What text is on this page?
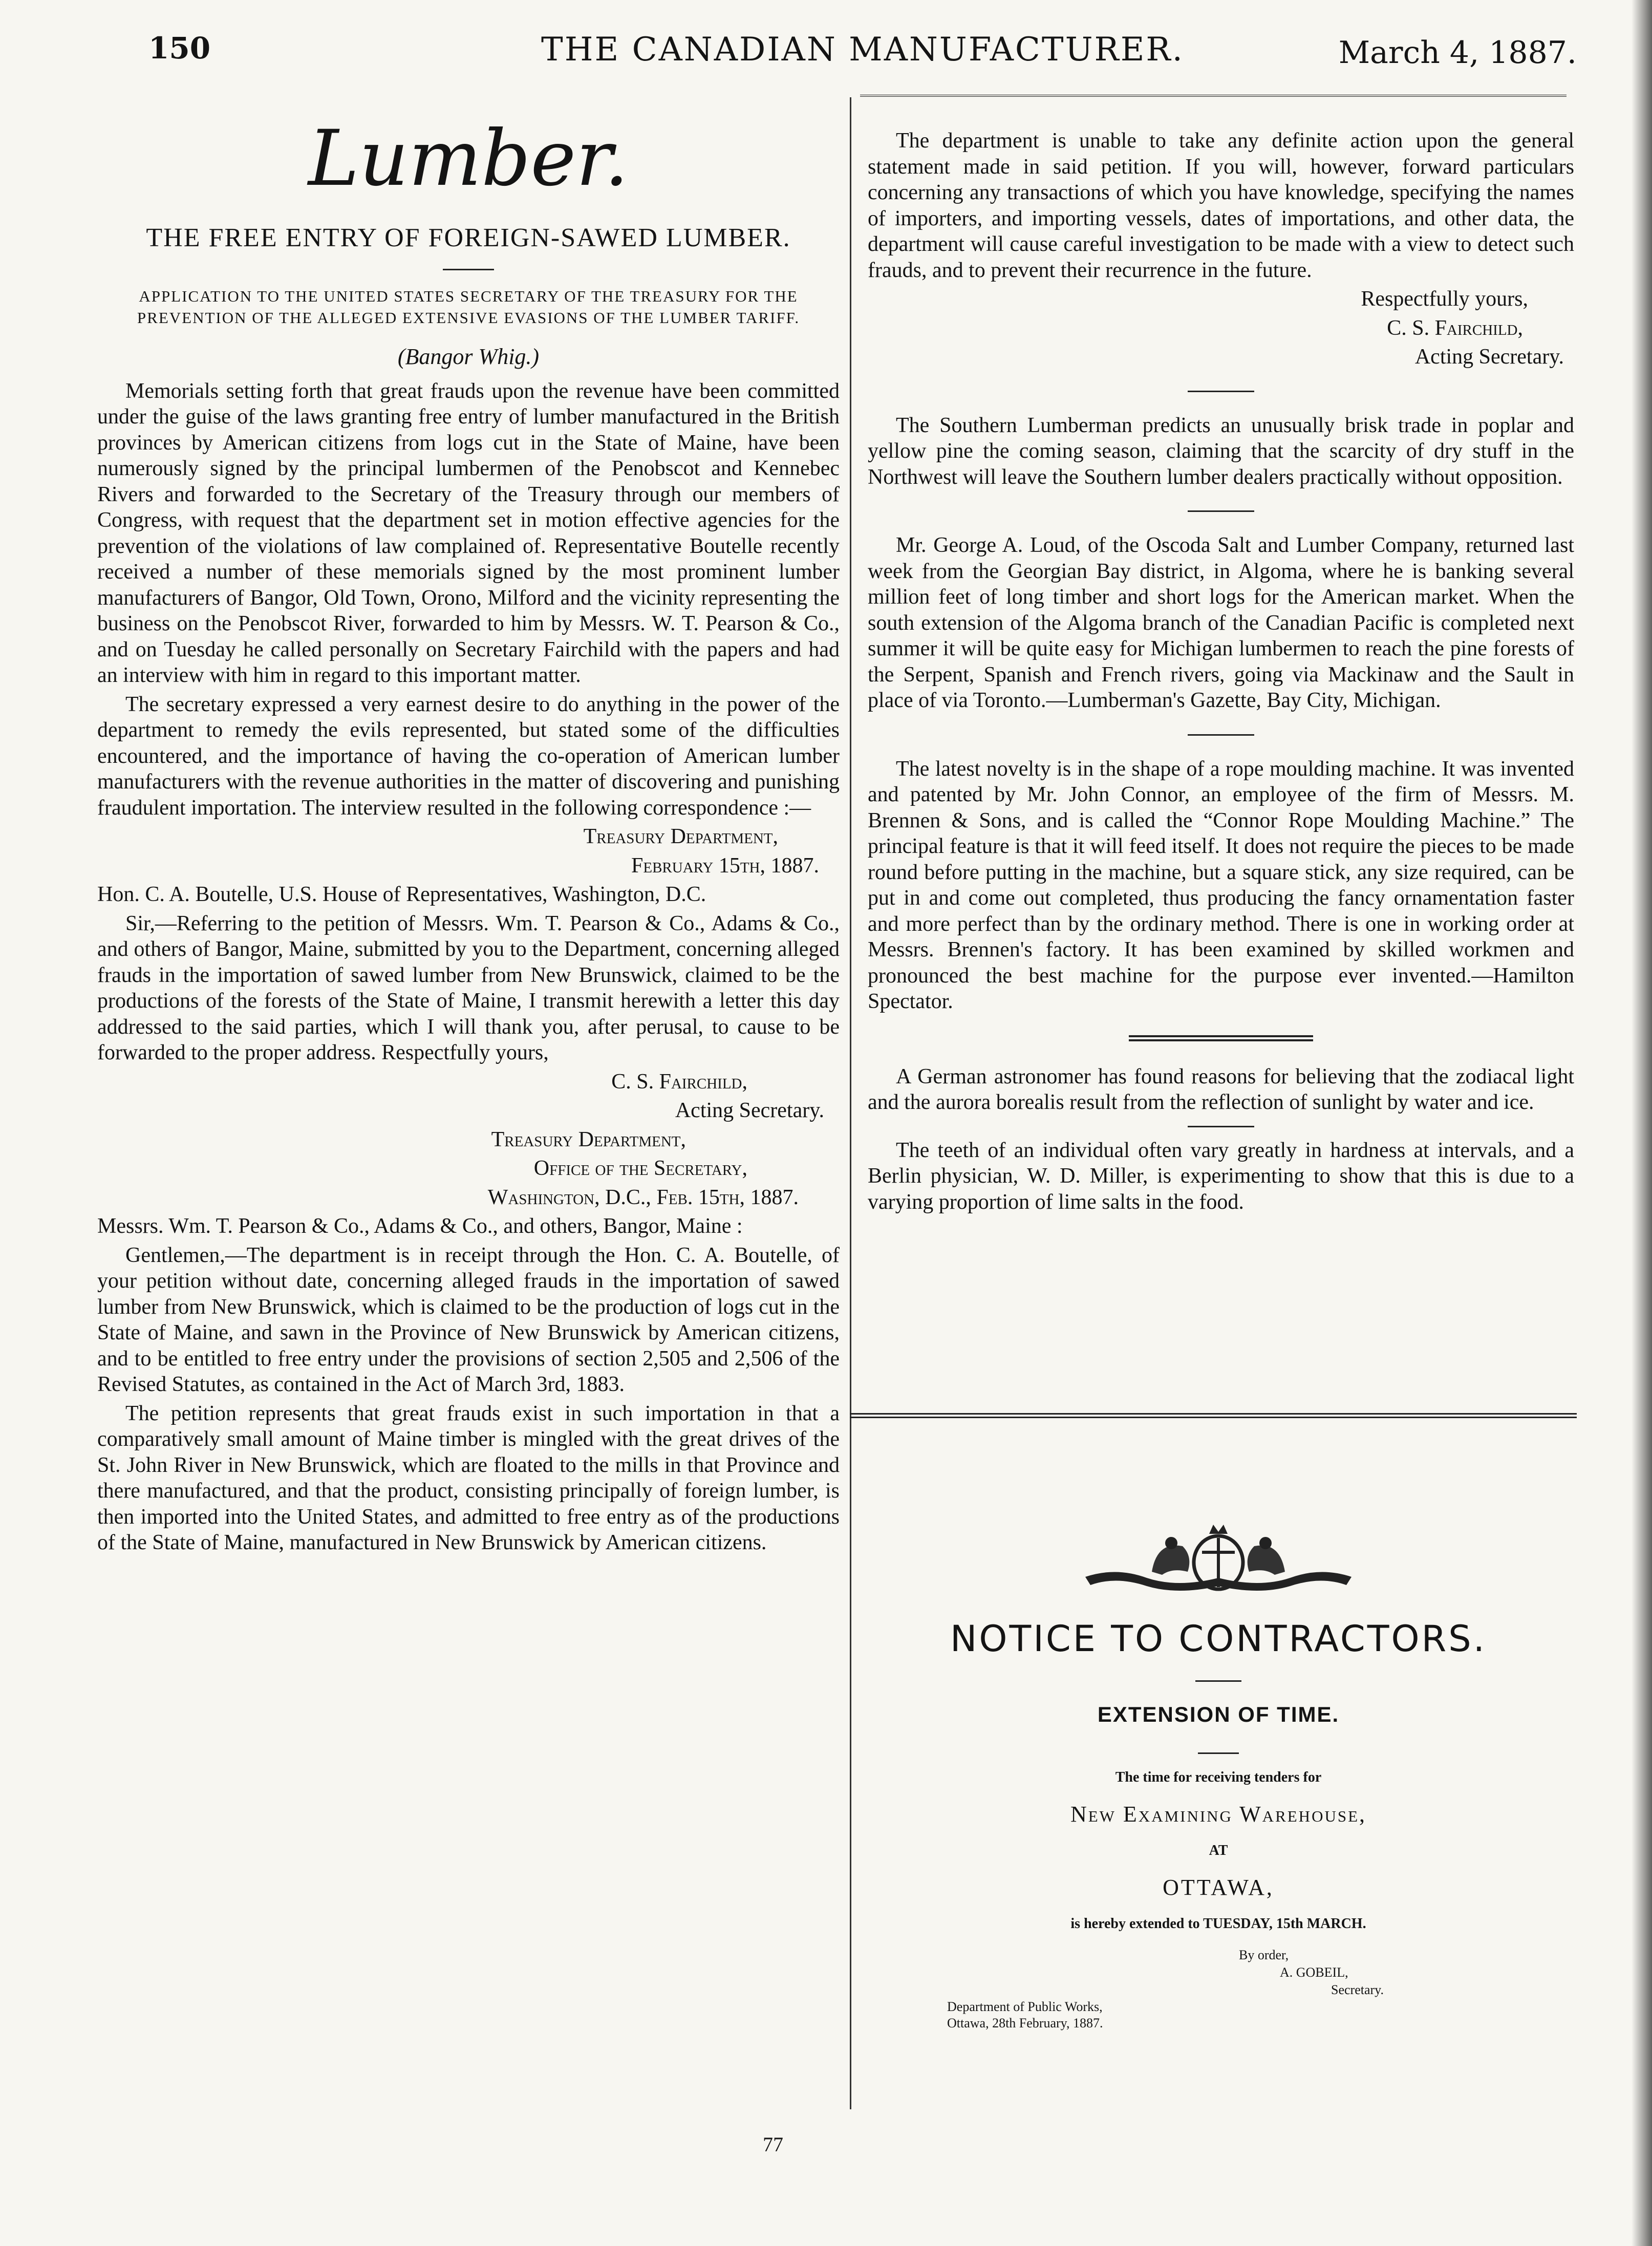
150	THE CANADIAN MANUFACTURER.	March 4, 1887.
Lumber.
THE FREE ENTRY OF FOREIGN-SAWED LUMBER.
APPLICATION TO THE UNITED STATES SECRETARY OF THE TREASURY FOR THE PREVENTION OF THE ALLEGED EXTENSIVE EVASIONS OF THE LUMBER TARIFF.
(Bangor Whig.)

Memorials setting forth that great frauds upon the revenue have been committed under the guise of the laws granting free entry of lumber manufactured in the British provinces by American citizens from logs cut in the State of Maine, have been numerously signed by the principal lumbermen of the Penobscot and Kennebec Rivers and forwarded to the Secretary of the Treasury through our members of Congress, with request that the department set in motion effective agencies for the prevention of the violations of law complained of. Representative Boutelle recently received a number of these memorials signed by the most prominent lumber manufacturers of Bangor, Old Town, Orono, Milford and the vicinity representing the business on the Penobscot River, forwarded to him by Messrs. W. T. Pearson & Co., and on Tuesday he called personally on Secretary Fairchild with the papers and had an interview with him in regard to this important matter.

The secretary expressed a very earnest desire to do anything in the power of the department to remedy the evils represented, but stated some of the difficulties encountered, and the importance of having the co-operation of American lumber manufacturers with the revenue authorities in the matter of discovering and punishing fraudulent importation. The interview resulted in the following correspondence :—

Treasury Department,

February 15th, 1887.

Hon. C. A. Boutelle, U.S. House of Representatives, Washington, D.C.

Sir,—Referring to the petition of Messrs. Wm. T. Pearson & Co., Adams & Co., and others of Bangor, Maine, submitted by you to the Department, concerning alleged frauds in the importation of sawed lumber from New Brunswick, claimed to be the productions of the forests of the State of Maine, I transmit herewith a letter this day addressed to the said parties, which I will thank you, after perusal, to cause to be forwarded to the proper address. Respectfully yours,

C. S. Fairchild,

Acting Secretary.

Treasury Department,

Office of the Secretary,

Washington, D.C., Feb. 15th, 1887.

Messrs. Wm. T. Pearson & Co., Adams & Co., and others, Bangor, Maine :

Gentlemen,—The department is in receipt through the Hon. C. A. Boutelle, of your petition without date, concerning alleged frauds in the importation of sawed lumber from New Brunswick, which is claimed to be the production of logs cut in the State of Maine, and sawn in the Province of New Brunswick by American citizens, and to be entitled to free entry under the provisions of section 2,505 and 2,506 of the Revised Statutes, as contained in the Act of March 3rd, 1883.

The petition represents that great frauds exist in such importation in that a comparatively small amount of Maine timber is mingled with the great drives of the St. John River in New Brunswick, which are floated to the mills in that Province and there manufactured, and that the product, consisting principally of foreign lumber, is then imported into the United States, and admitted to free entry as of the productions of the State of Maine, manufactured in New Brunswick by American citizens.

The department is unable to take any definite action upon the general statement made in said petition. If you will, however, forward particulars concerning any transactions of which you have knowledge, specifying the names of importers, and importing vessels, dates of importations, and other data, the department will cause careful investigation to be made with a view to detect such frauds, and to prevent their recurrence in the future.

Respectfully yours,

C. S. Fairchild,

Acting Secretary.

The Southern Lumberman predicts an unusually brisk trade in poplar and yellow pine the coming season, claiming that the scarcity of dry stuff in the Northwest will leave the Southern lumber dealers practically without opposition.

Mr. George A. Loud, of the Oscoda Salt and Lumber Company, returned last week from the Georgian Bay district, in Algoma, where he is banking several million feet of long timber and short logs for the American market. When the south extension of the Algoma branch of the Canadian Pacific is completed next summer it will be quite easy for Michigan lumbermen to reach the pine forests of the Serpent, Spanish and French rivers, going via Mackinaw and the Sault in place of via Toronto.—Lumberman's Gazette, Bay City, Michigan.

The latest novelty is in the shape of a rope moulding machine. It was invented and patented by Mr. John Connor, an employee of the firm of Messrs. M. Brennen & Sons, and is called the “Connor Rope Moulding Machine.” The principal feature is that it will feed itself. It does not require the pieces to be made round before putting in the machine, but a square stick, any size required, can be put in and come out completed, thus producing the fancy ornamentation faster and more perfect than by the ordinary method. There is one in working order at Messrs. Brennen's factory. It has been examined by skilled workmen and pronounced the best machine for the purpose ever invented.—Hamilton Spectator.

A German astronomer has found reasons for believing that the zodiacal light and the aurora borealis result from the reflection of sunlight by water and ice.

The teeth of an individual often vary greatly in hardness at intervals, and a Berlin physician, W. D. Miller, is experimenting to show that this is due to a varying proportion of lime salts in the food.

NOTICE TO CONTRACTORS.
EXTENSION OF TIME.
The time for receiving tenders for
New Examining Warehouse,
AT
OTTAWA,
is hereby extended to TUESDAY, 15th MARCH.
By order,
A. GOBEIL,
Secretary.
Department of Public Works,
Ottawa, 28th February, 1887.
77
